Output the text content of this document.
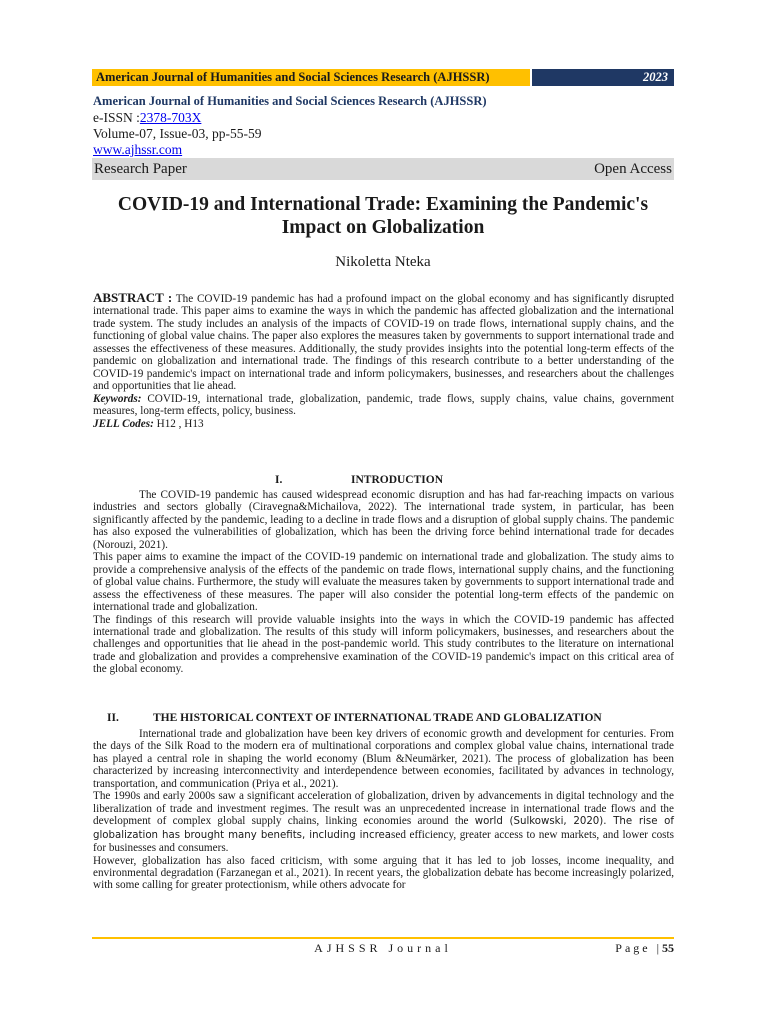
American Journal of Humanities and Social Sciences Research (AJHSSR)	2023
American Journal of Humanities and Social Sciences Research (AJHSSR)
e-ISSN :2378-703X
Volume-07, Issue-03, pp-55-59
www.ajhssr.com
Research Paper	Open Access
COVID-19 and International Trade: Examining the Pandemic's
Impact on Globalization
Nikoletta Nteka

ABSTRACT : The COVID-19 pandemic has had a profound impact on the global economy and has significantly disrupted international trade. This paper aims to examine the ways in which the pandemic has affected globalization and the international trade system. The study includes an analysis of the impacts of COVID-19 on trade flows, international supply chains, and the functioning of global value chains. The paper also explores the measures taken by governments to support international trade and assesses the effectiveness of these measures. Additionally, the study provides insights into the potential long-term effects of the pandemic on globalization and international trade. The findings of this research contribute to a better understanding of the COVID-19 pandemic's impact on international trade and inform policymakers, businesses, and researchers about the challenges and opportunities that lie ahead.

Keywords: COVID-19, international trade, globalization, pandemic, trade flows, supply chains, value chains, government measures, long-term effects, policy, business.

JELL Codes: H12 , H13

I.	INTRODUCTION

The COVID-19 pandemic has caused widespread economic disruption and has had far-reaching impacts on various industries and sectors globally (Ciravegna&Michailova, 2022). The international trade system, in particular, has been significantly affected by the pandemic, leading to a decline in trade flows and a disruption of global supply chains. The pandemic has also exposed the vulnerabilities of globalization, which has been the driving force behind international trade for decades (Norouzi, 2021).

This paper aims to examine the impact of the COVID-19 pandemic on international trade and globalization. The study aims to provide a comprehensive analysis of the effects of the pandemic on trade flows, international supply chains, and the functioning of global value chains. Furthermore, the study will evaluate the measures taken by governments to support international trade and assess the effectiveness of these measures. The paper will also consider the potential long-term effects of the pandemic on international trade and globalization.

The findings of this research will provide valuable insights into the ways in which the COVID-19 pandemic has affected international trade and globalization. The results of this study will inform policymakers, businesses, and researchers about the challenges and opportunities that lie ahead in the post-pandemic world. This study contributes to the literature on international trade and globalization and provides a comprehensive examination of the COVID-19 pandemic's impact on this critical area of the global economy.

II.	THE HISTORICAL CONTEXT OF INTERNATIONAL TRADE AND GLOBALIZATION

International trade and globalization have been key drivers of economic growth and development for centuries. From the days of the Silk Road to the modern era of multinational corporations and complex global value chains, international trade has played a central role in shaping the world economy (Blum &Neumärker, 2021). The process of globalization has been characterized by increasing interconnectivity and interdependence between economies, facilitated by advances in technology, transportation, and communication (Priya et al., 2021).

The 1990s and early 2000s saw a significant acceleration of globalization, driven by advancements in digital technology and the liberalization of trade and investment regimes. The result was an unprecedented increase in international trade flows and the development of complex global supply chains, linking economies around the world (Sulkowski, 2020). The rise of globalization has brought many benefits, including increased efficiency, greater access to new markets, and lower costs for businesses and consumers.

However, globalization has also faced criticism, with some arguing that it has led to job losses, income inequality, and environmental degradation (Farzanegan et al., 2021). In recent years, the globalization debate has become increasingly polarized, with some calling for greater protectionism, while others advocate for

AJHSSR Journal	Page |55
